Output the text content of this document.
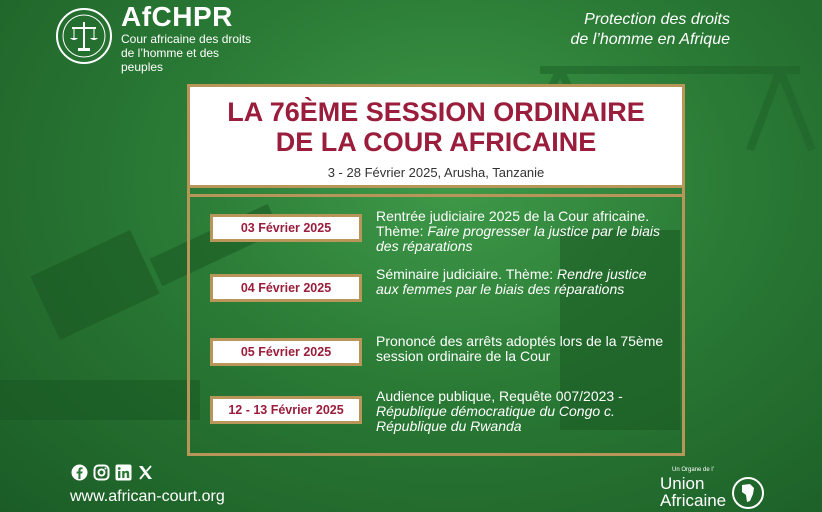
AfCHPR
Cour africaine des droits de l’homme et des peuples
Protection des droits
de l’homme en Afrique
LA 76ÈME SESSION ORDINAIRE
DE LA COUR AFRICAINE
3 - 28 Février 2025, Arusha, Tanzanie
03 Février 2025
Rentrée judiciaire 2025 de la Cour africaine. Thème: Faire progresser la justice par le biais des réparations
04 Février 2025
Séminaire judiciaire. Thème: Rendre justice aux femmes par le biais des réparations
05 Février 2025
Prononcé des arrêts adoptés lors de la 75ème session ordinaire de la Cour
12 - 13 Février 2025
Audience publique, Requête 007/2023 - République démocratique du Congo c. République du Rwanda
www.african-court.org
Un Organe de l’
Union
Africaine
